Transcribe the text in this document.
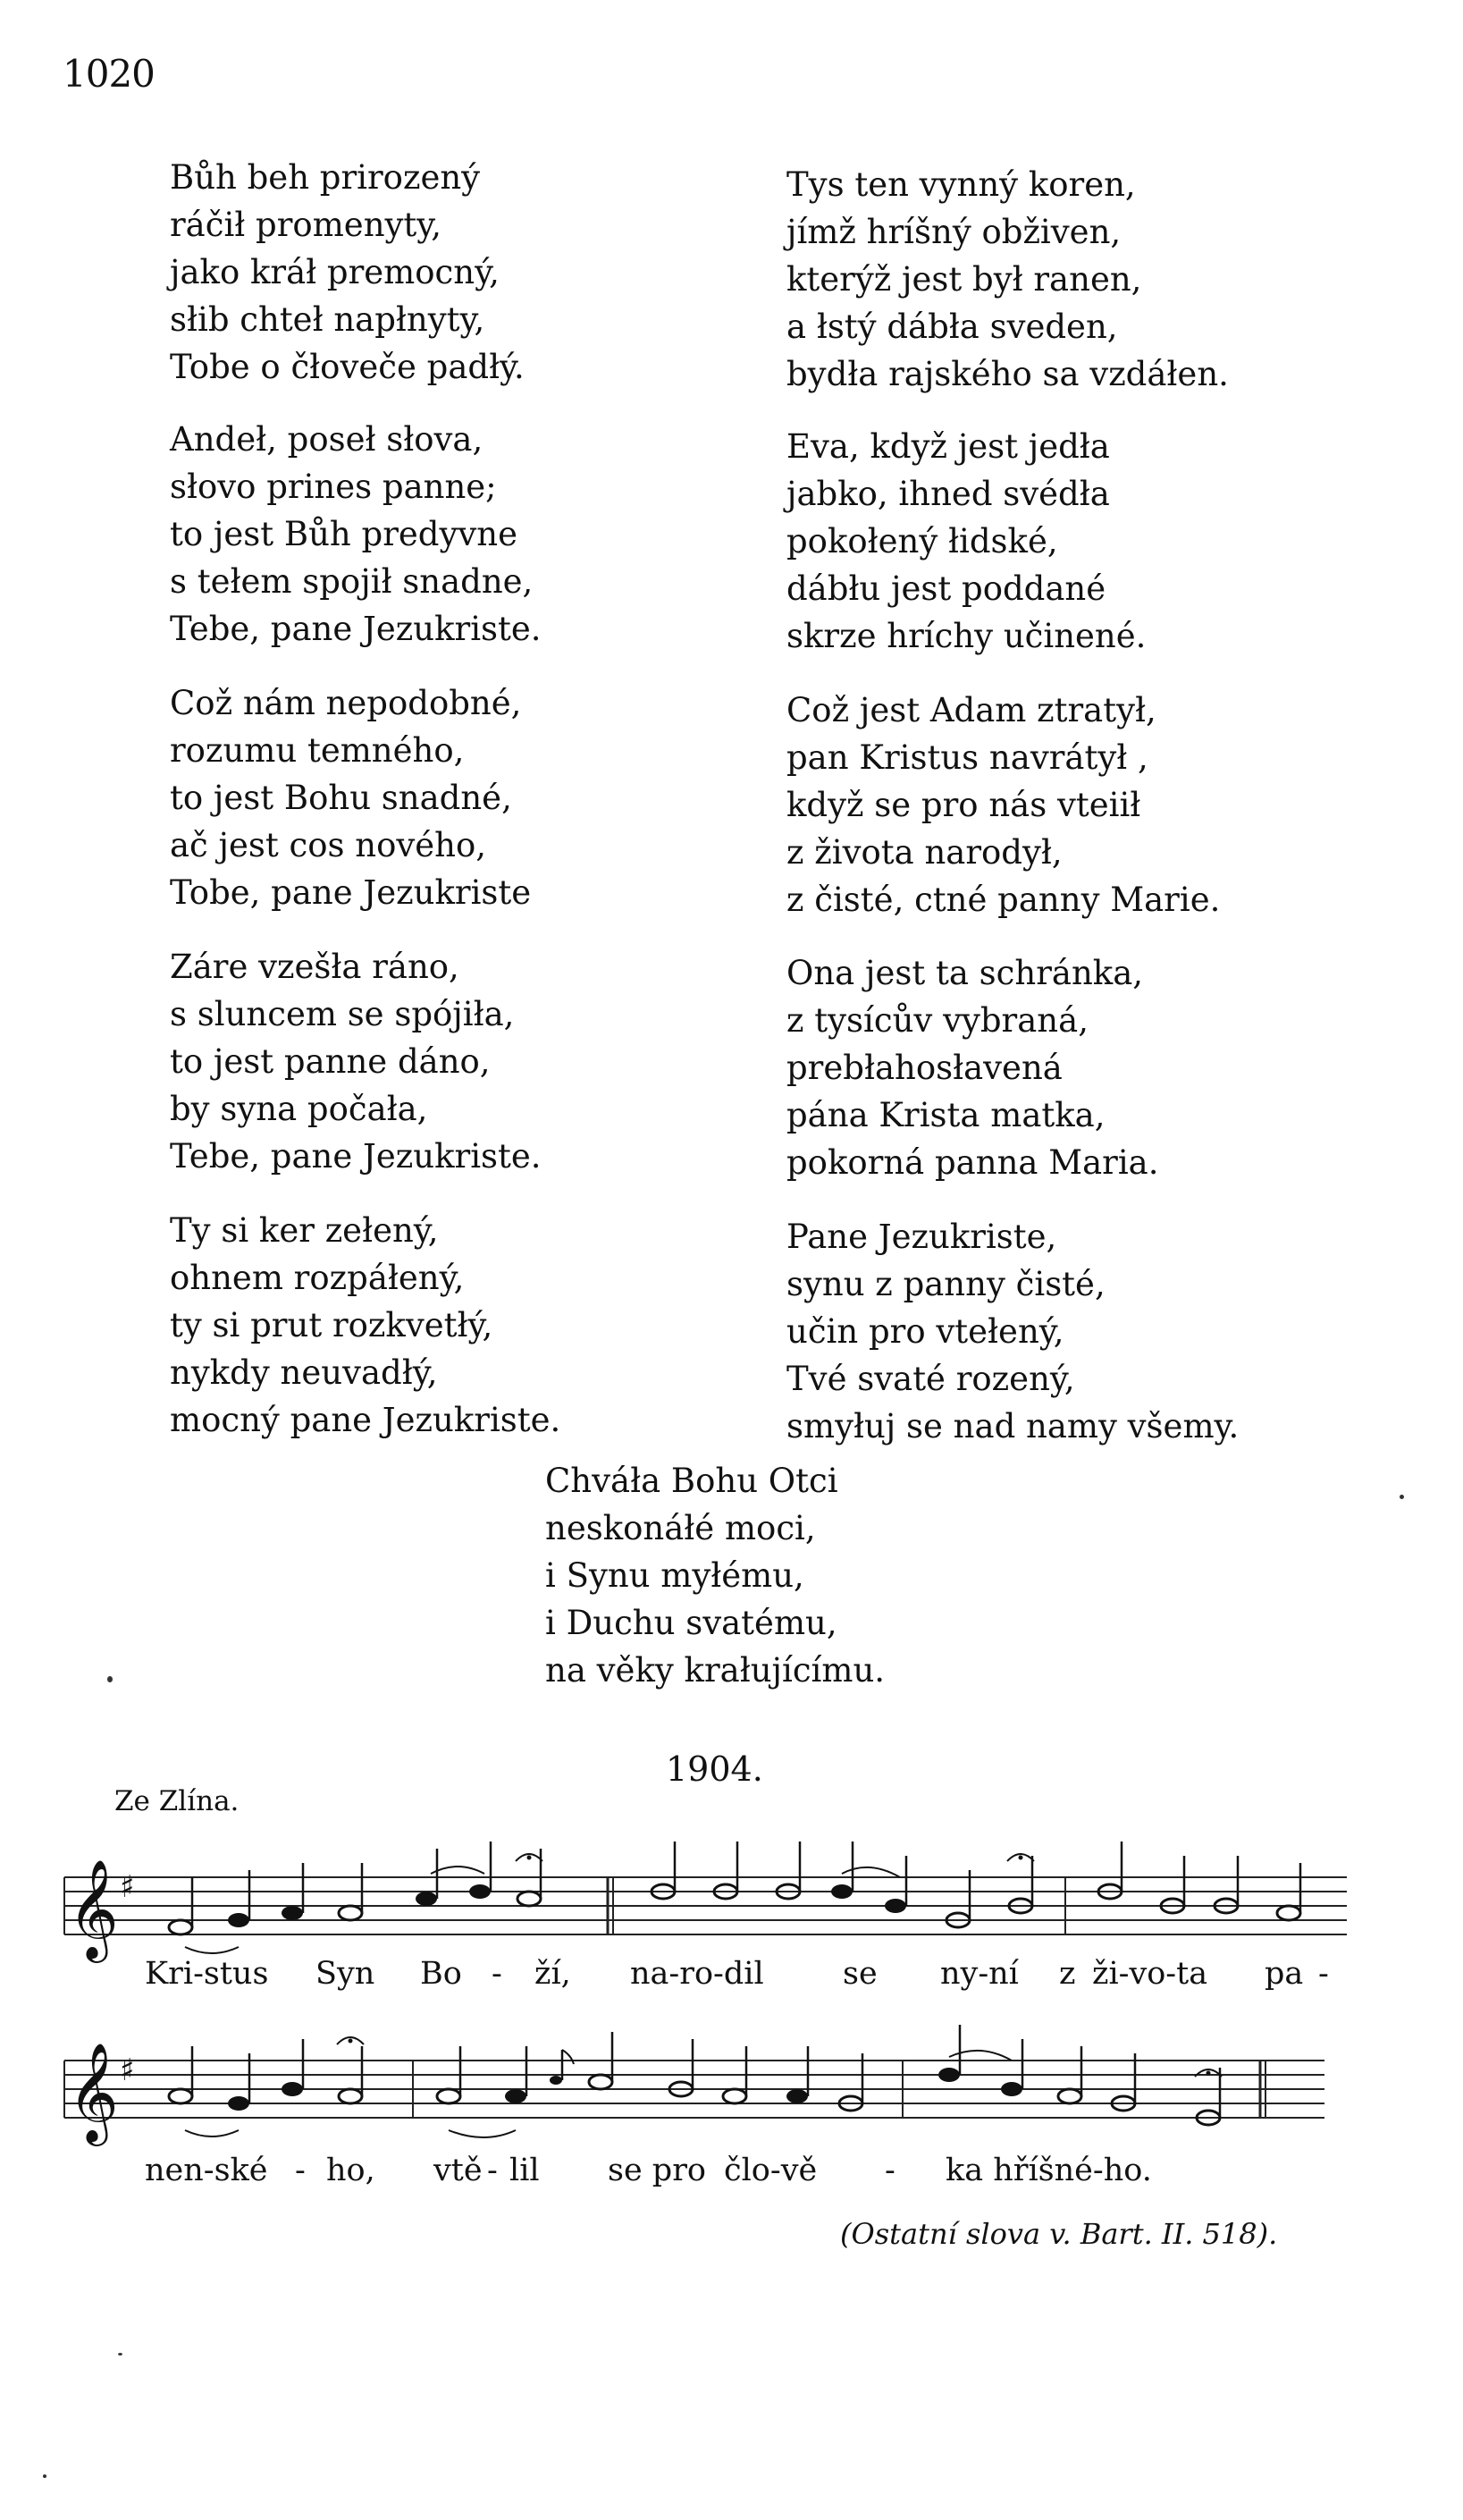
1020
Bůh beh prirozený
ráčił promenyty,
jako kráł premocný,
słib chteł napłnyty,
Tobe o čłoveče padłý.
Andeł, poseł słova,
słovo prines panne;
to jest Bůh predyvne
s tełem spojił snadne,
Tebe, pane Jezukriste.
Což nám nepodobné,
rozumu temného,
to jest Bohu snadné,
ač jest cos nového,
Tobe, pane Jezukriste
Zárе vzešła ráno,
s sluncem se spójiła,
to jest panne dáno,
by syna počała,
Tebe, pane Jezukriste.
Ty si ker zełený,
ohnem rozpáłený,
ty si prut rozkvetłý,
nykdy neuvadłý,
mocný pane Jezukriste.
Tys ten vynný koren,
jímž hríšný obživen,
kterýž jest był ranen,
a łstý dábła sveden,
bydła rajského sa vzdáłen.
Eva, když jest jedła
jabko, ihned svédła
pokołený łidské,
dábłu jest poddané
skrze hríchy učinené.
Což jest Adam ztratył,
pan Kristus navrátył ,
když se pro nás vteiił
z života narodył,
z čisté, ctné panny Marie.
Ona jest ta schránka,
z tysícův vybraná,
prebłahosłavená
pána Krista matka,
pokorná panna Maria.
Pane Jezukriste,
synu z panny čisté,
učin pro vtełený,
Tvé svaté rozený,
smyłuj se nad namy všemy.
Chváła Bohu Otci
neskonáłé moci,
i Synu myłému,
i Duchu svatému,
na věky krałujícímu.
1904.
Ze Zlína.
𝄞 ♯
Kri-stus Syn Bo - ží, na-ro-dil	se ny-ní z ži-vo-ta pa -
𝄞 ♯
nen-ské - ho, vtě - lil se pro člo-vě - ka hříšné-ho.
(Ostatní slova v. Bart. II. 518).
